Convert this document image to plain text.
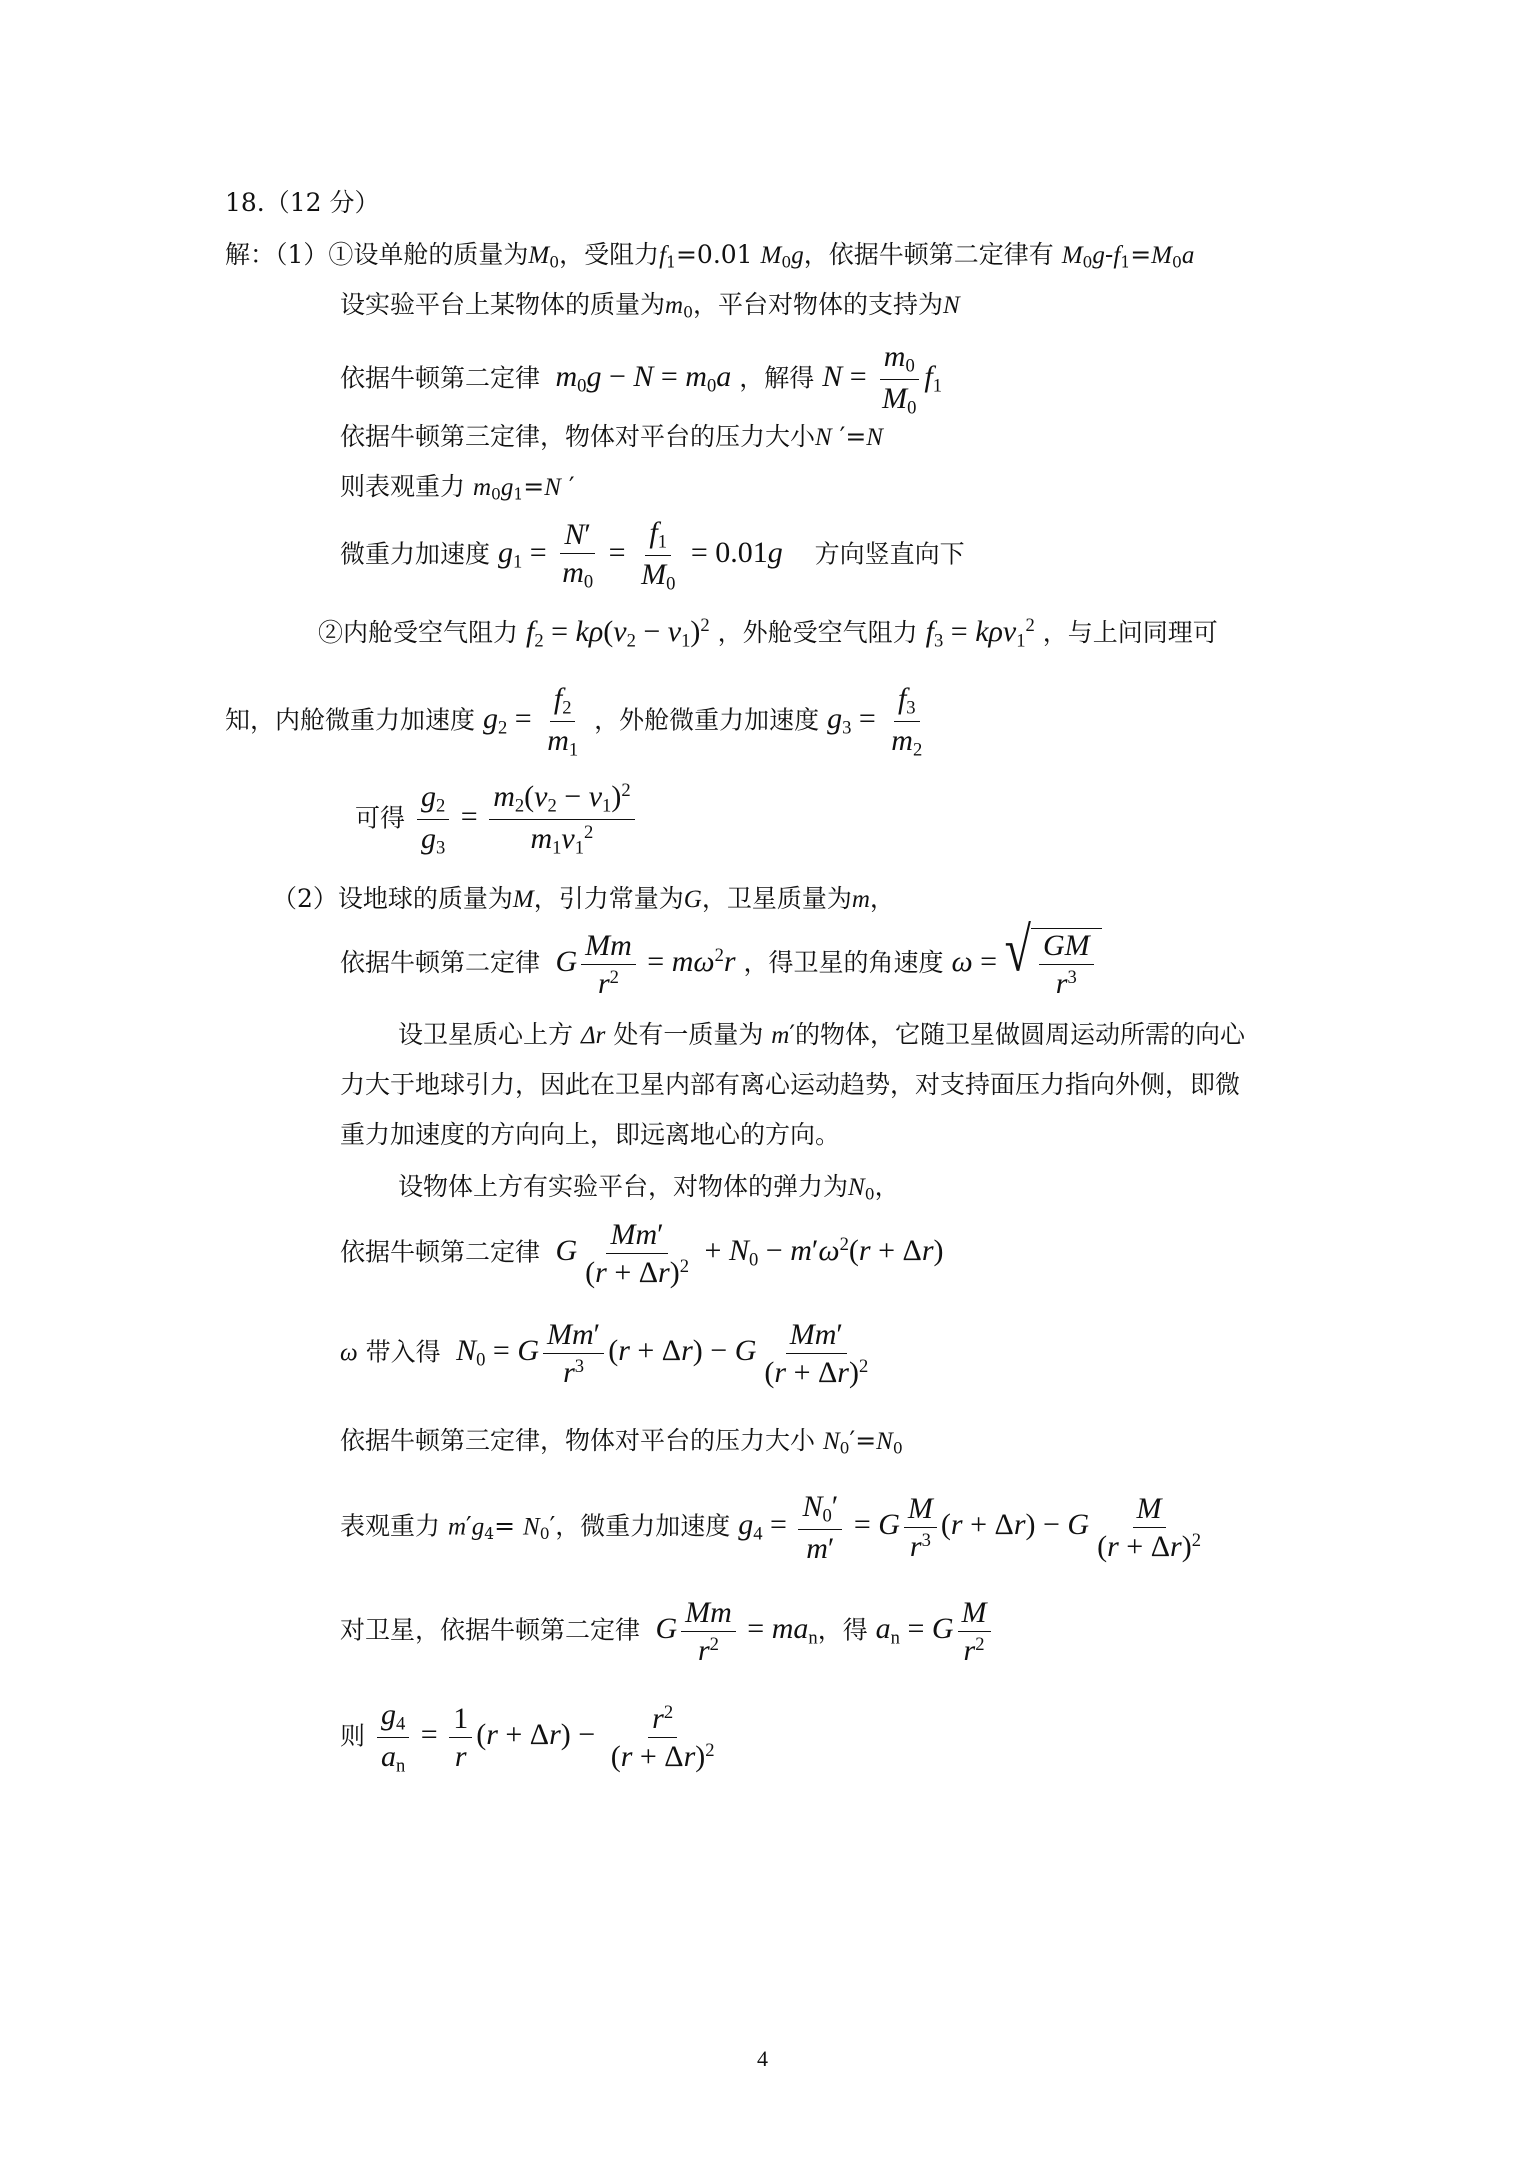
18.（12 分）
解：（1）①设单舱的质量为$M_0$，受阻力$f_1=0.01$ $M_0g$，依据牛顿第二定律有 $M_0g-f_1=M_0a$
设实验平台上某物体的质量为$m_0$，平台对物体的支持为N
依据牛顿第二定律 $m_0g - N = m_0a$ ，解得 $N = \frac{m_0}{M_0} f_1$
依据牛顿第三定律，物体对平台的压力大小N ′=N
则表观重力 $m_0g_1=N$ ′
微重力加速度 $g_1 = \frac{N'}{m_0} = \frac{f_1}{M_0} = 0.01g$ 方向竖直向下
②内舱受空气阻力 $f_2 = k\rho(v_2 - v_1)^2$ ，外舱受空气阻力 $f_3 = k\rho v_1^2$ ，与上问同理可
知，内舱微重力加速度 $g_2 = \frac{f_2}{m_1}$ ，外舱微重力加速度 $g_3 = \frac{f_3}{m_2}$
可得 $\frac{g_2}{g_3} = \frac{m_2(v_2 - v_1)^2}{m_1v_1^2}$
（2）设地球的质量为M，引力常量为G，卫星质量为m，
依据牛顿第二定律 G $\frac{Mm}{r^2} = m\omega^2r$ ，得卫星的角速度 ω = √ $\frac{GM}{r^3}$
设卫星质心上方 Δr 处有一质量为 m′的物体，它随卫星做圆周运动所需的向心
力大于地球引力，因此在卫星内部有离心运动趋势，对支持面压力指向外侧，即微
重力加速度的方向向上，即远离地心的方向。
设物体上方有实验平台，对物体的弹力为$N_0$，
依据牛顿第二定律 G $\frac{Mm'}{(r + \Delta r)^2} + N_0 - m'\omega^2(r + \Delta r)$
ω 带入得 $N_0 = G \frac{Mm'}{r^3} (r + \Delta r) - G \frac{Mm'}{(r + \Delta r)^2}$
依据牛顿第三定律，物体对平台的压力大小 $N_0'=N_0$
表观重力 $m'g_4= N_0'$，微重力加速度 $g_4 = \frac{N_0'}{m'} = G \frac{M}{r^3} (r + \Delta r) - G \frac{M}{(r + \Delta r)^2}$
对卫星，依据牛顿第二定律 G $\frac{Mm}{r^2} = ma_n$，得 $a_n = G \frac{M}{r^2}$
则 $\frac{g_4}{a_n} = \frac{1}{r} (r + \Delta r) - \frac{r^2}{(r + \Delta r)^2}$
4
